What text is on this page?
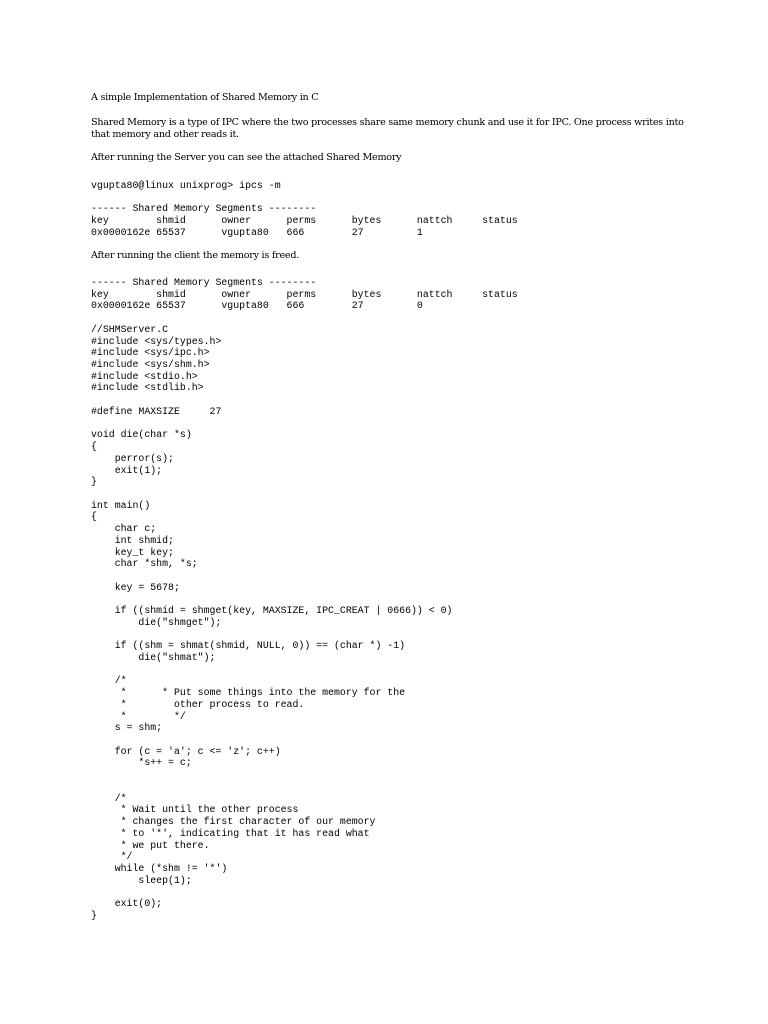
A simple Implementation of Shared Memory in C
Shared Memory is a type of IPC where the two processes share same memory chunk and use it for IPC. One process writes into that memory and other reads it.
After running the Server you can see the attached Shared Memory
vgupta80@linux unixprog> ipcs -m
------ Shared Memory Segments --------
key        shmid      owner      perms      bytes      nattch     status
0x0000162e 65537      vgupta80   666        27         1
After running the client the memory is freed.
------ Shared Memory Segments --------
key        shmid      owner      perms      bytes      nattch     status
0x0000162e 65537      vgupta80   666        27         0
//SHMServer.C
#include <sys/types.h>
#include <sys/ipc.h>
#include <sys/shm.h>
#include <stdio.h>
#include <stdlib.h>
#define MAXSIZE     27
void die(char *s)
{
perror(s);
exit(1);
}
int main()
{
char c;
int shmid;
key_t key;
char *shm, *s;
key = 5678;
if ((shmid = shmget(key, MAXSIZE, IPC_CREAT | 0666)) < 0)
die("shmget");
if ((shm = shmat(shmid, NULL, 0)) == (char *) -1)
die("shmat");
/*
*      * Put some things into the memory for the
*        other process to read.
*        */
s = shm;
for (c = 'a'; c <= 'z'; c++)
*s++ = c;
/*
* Wait until the other process
* changes the first character of our memory
* to '*', indicating that it has read what
* we put there.
*/
while (*shm != '*')
sleep(1);
exit(0);
}
